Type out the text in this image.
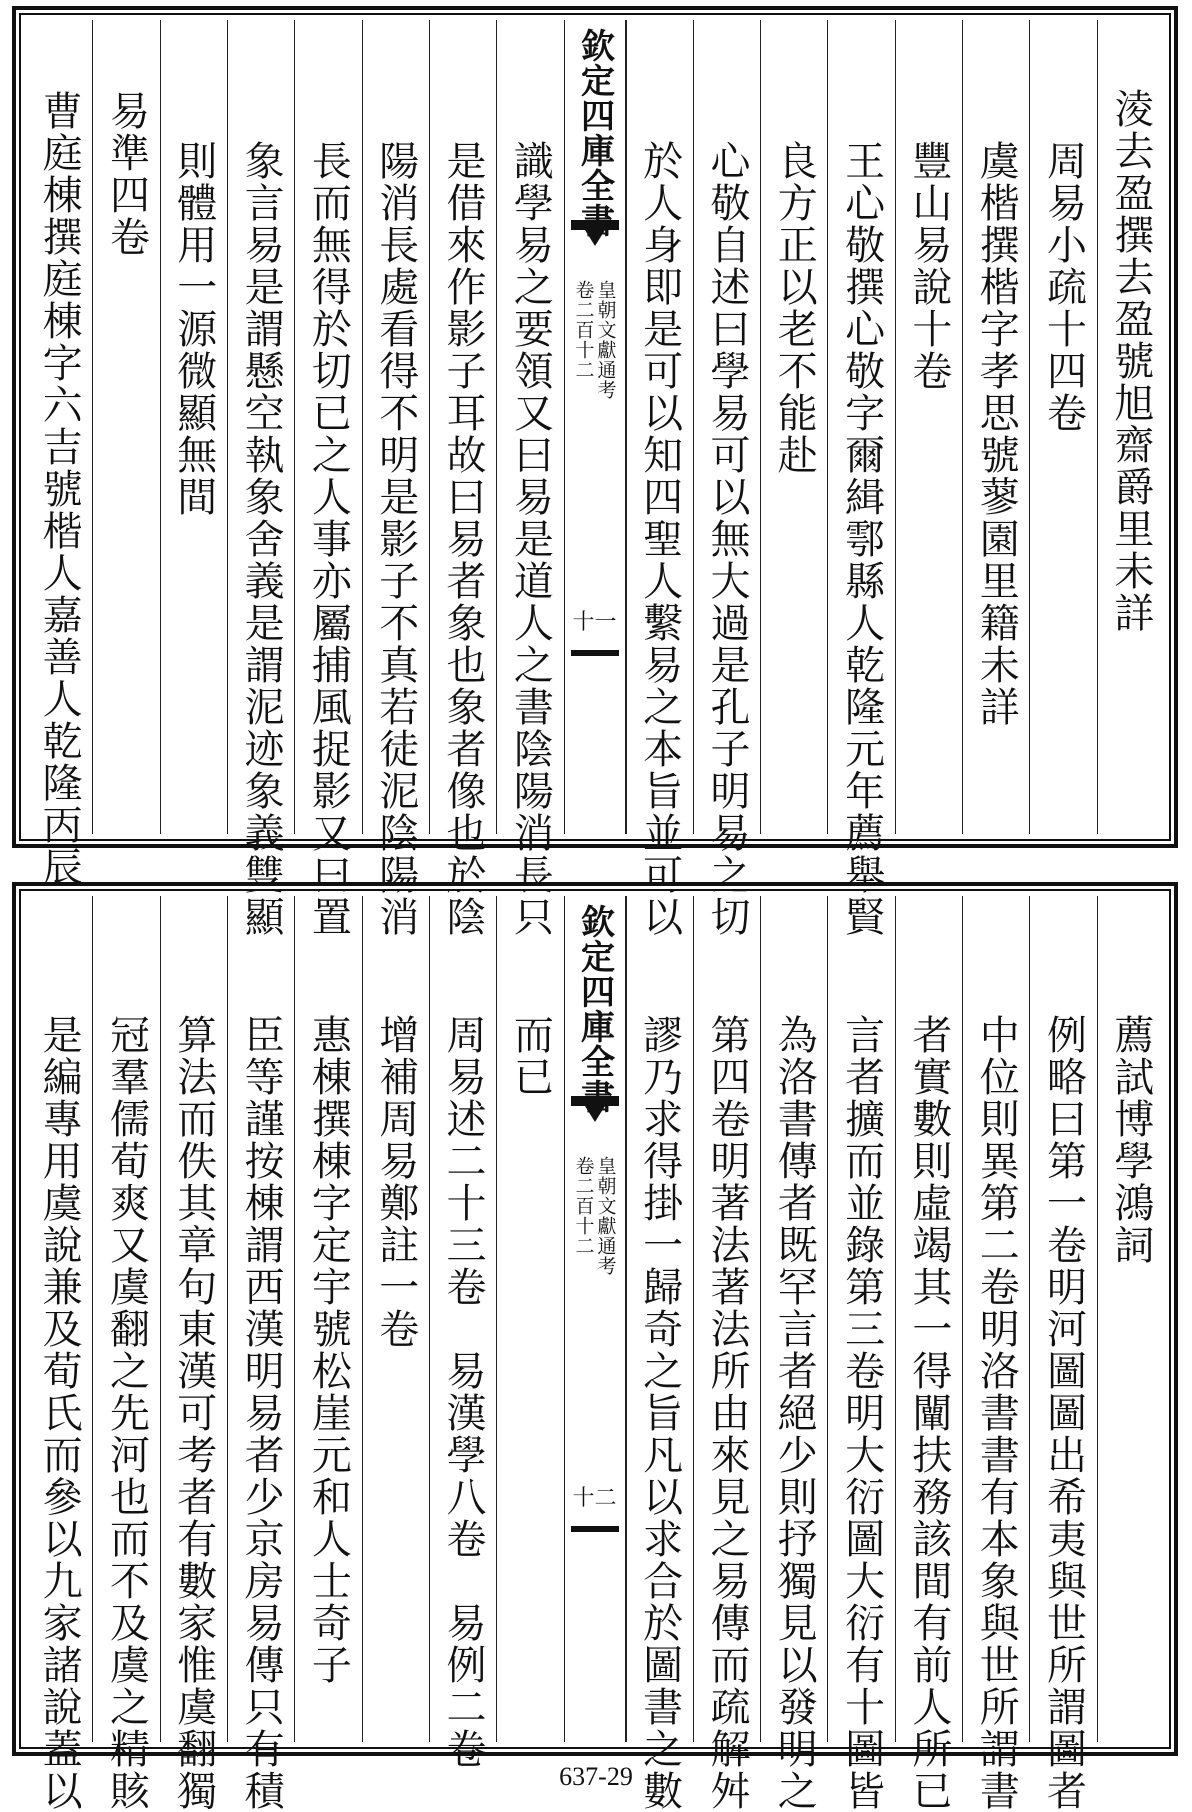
淩去盈撰去盈號旭齋爵里未詳
周易小疏十四卷
虞楷撰楷字孝思號蓼園里籍未詳
豐山易說十卷
王心敬撰心敬字爾緝鄠縣人乾隆元年薦舉賢
良方正以老不能赴
心敬自述曰學易可以無大過是孔子明易之切
於人身即是可以知四聖人繫易之本旨並可以
欽定四庫全書
皇朝文獻通考
卷二百十二
十一
識學易之要領又曰易是道人之書陰陽消長只
是借來作影子耳故曰易者象也象者像也於陰
陽消長處看得不明是影子不真若徒泥陰陽消
長而無得於切已之人事亦屬捕風捉影又曰置
象言易是謂懸空執象舍義是謂泥迹象義雙顯
則體用一源微顯無間
易準四卷
曹庭棟撰庭棟字六吉號楷人嘉善人乾隆丙辰
薦試博學鴻詞
例略曰第一卷明河圖圖出希夷與世所謂圖者
中位則異第二卷明洛書書有本象與世所謂書
者實數則虛竭其一得闡扶務該間有前人所已
言者擴而並錄第三卷明大衍圖大衍有十圖皆
為洛書傳者既罕言者絕少則抒獨見以發明之
第四卷明著法著法所由來見之易傳而疏解舛
謬乃求得掛一歸奇之旨凡以求合於圖書之數
欽定四庫全書
皇朝文獻通考
卷二百十二
十二
而已
周易述二十三卷　易漢學八卷　易例二卷
增補周易鄭註一卷
惠棟撰棟字定宇號松崖元和人士奇子
臣等謹按棟謂西漢明易者少京房易傳只有積
算法而佚其章句東漢可考者有數家惟虞翻獨
冠羣儒荀爽又虞翻之先河也而不及虞之精賅
是編專用虞說兼及荀氏而參以九家諸說蓋以	637-29
